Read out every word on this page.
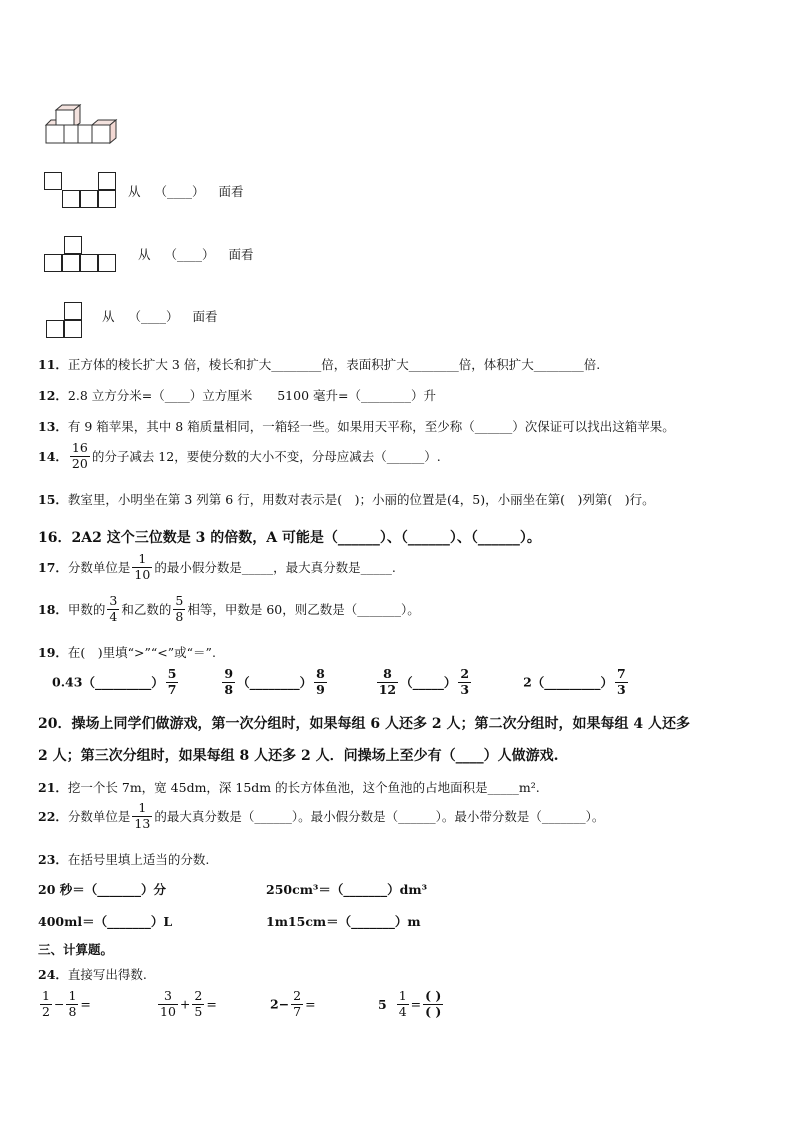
从 （____） 面看
从 （____） 面看
从 （____） 面看
11．正方体的棱长扩大 3 倍，棱长和扩大________倍，表面积扩大________倍，体积扩大________倍.
12．2.8 立方分米=（____）立方厘米　　5100 毫升=（________）升
13．有 9 箱苹果，其中 8 箱质量相同，一箱轻一些。如果用天平称，至少称（______）次保证可以找出这箱苹果。
14． $\frac{16}{20}$ 的分子减去 12，要使分数的大小不变，分母应减去（______）.
15．教室里，小明坐在第 3 列第 6 行，用数对表示是(　)；小丽的位置是(4，5)，小丽坐在第(　)列第(　)行。
16．2A2 这个三位数是 3 的倍数，A 可能是（______）、（______）、（______）。
17．分数单位是 $\frac{1}{10}$ 的最小假分数是_____，最大真分数是_____.
18．甲数的 $\frac{3}{4}$ 和乙数的 $\frac{5}{8}$ 相等，甲数是 60，则乙数是（_______）。
19．在(　)里填“>”“<”或“＝”.
0.43（_________） $\frac{5}{7}$
	$\frac{9}{8}$ （________） $\frac{8}{9}$
	$\frac{8}{12}$ （_____） $\frac{2}{3}$	2（_________） $\frac{7}{3}$
20．操场上同学们做游戏，第一次分组时，如果每组 6 人还多 2 人；第二次分组时，如果每组 4 人还多
2 人；第三次分组时，如果每组 8 人还多 2 人．问操场上至少有（____）人做游戏.
21．挖一个长 7m，宽 45dm，深 15dm 的长方体鱼池，这个鱼池的占地面积是_____m².
22．分数单位是 $\frac{1}{13}$ 的最大真分数是（______）。最小假分数是（______）。最小带分数是（_______）。
23．在括号里填上适当的分数.
20 秒＝（_______）分	250cm³＝（_______）dm³
400ml＝（_______）L	1m15cm＝（_______）m
三、计算题。
24．直接写出得数.
$\frac{1}{2} - \frac{1}{8}$ =	$\frac{3}{10} + \frac{2}{5}$ =	$2- \frac{2}{7}$ =	$5 \frac{1}{4} = \frac{( )}{( )}$
